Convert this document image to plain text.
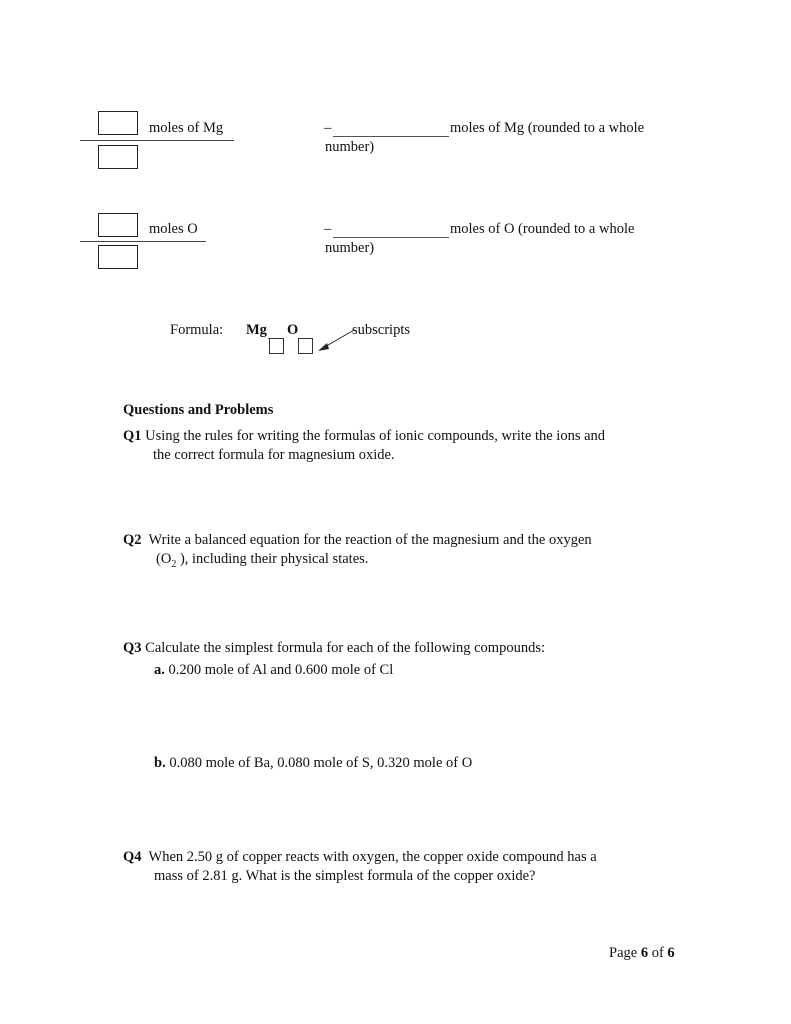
moles of Mg	–	moles of Mg (rounded to a whole
number)
moles O	–	moles of O (rounded to a whole
number)
Formula: Mg O	subscripts
Questions and Problems
Q1 Using the rules for writing the formulas of ionic compounds, write the ions and
the correct formula for magnesium oxide.
Q2 Write a balanced equation for the reaction of the magnesium and the oxygen
($O_2$ ), including their physical states.
Q3 Calculate the simplest formula for each of the following compounds:
a. 0.200 mole of Al and 0.600 mole of Cl
b. 0.080 mole of Ba, 0.080 mole of S, 0.320 mole of O
Q4 When 2.50 g of copper reacts with oxygen, the copper oxide compound has a
mass of 2.81 g. What is the simplest formula of the copper oxide?
Page 6 of 6
